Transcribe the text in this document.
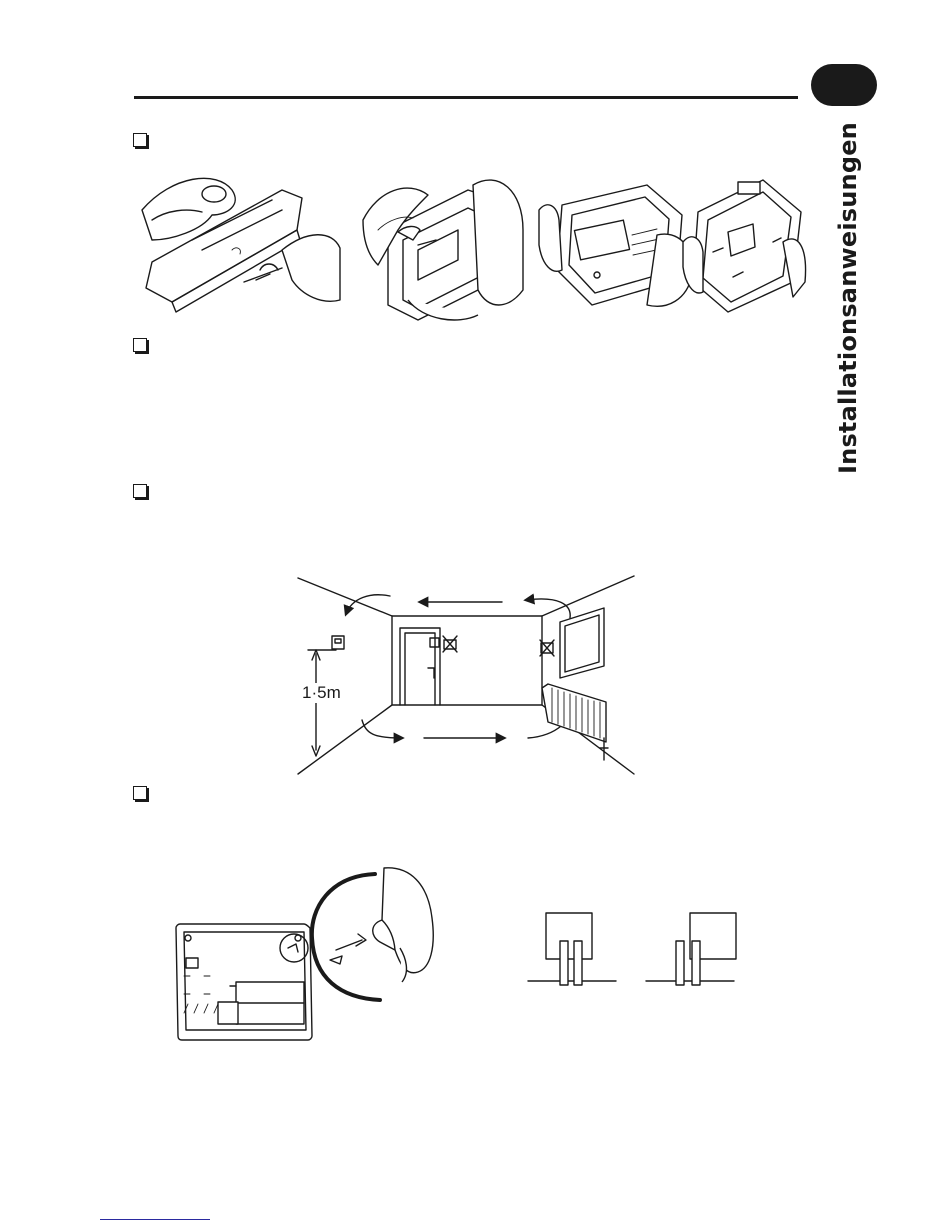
Installationsanweisungen
1·5m
